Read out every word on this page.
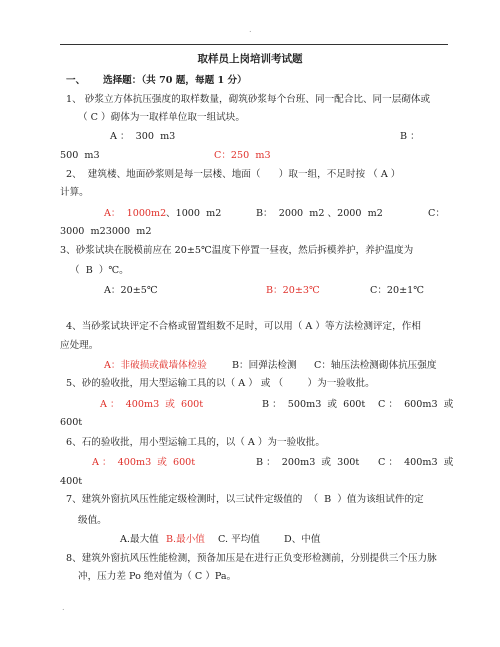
.
取样员上岗培训考试题
一、 选择题：（共 70 题，每题 1 分）
1、 砂浆立方体抗压强度的取样数量，砌筑砂浆每个台班、同一配合比、同一层砌体或
（ C ）砌体为一取样单位取一组试块。
A ：  300  m3	B ：
500  m3	C：250  m3
2、  建筑楼、地面砂浆则是每一层楼、地面（      ）取一组，不足时按 （ A ）
计算。
A：  1000m2 、1000  m2	B：  2000  m2 、2000  m2	C：
3000  m23000  m2
3、砂浆试块在脱模前应在 20±5℃温度下停置一昼夜，然后拆模养护，养护温度为
（  B  ）℃。
A：20±5℃	B：20±3℃	C：20±1℃
4、当砂浆试块评定不合格或留置组数不足时，可以用（ A ）等方法检测评定，作相
应处理。
A：非破损或截墙体检验	B：回弹法检测 C：轴压法检测砌体抗压强度
5、砂的验收批，用大型运输工具的以（ A ） 或 （        ）为一验收批。
A ：  400m3  或  600t	B ：  500m3  或  600t C ：  600m3  或
600t
6、石的验收批，用小型运输工具的，以（ A ）为一验收批。
A ：  400m3  或  600t	B ：  200m3  或  300t C ：  400m3  或
400t
7、建筑外窗抗风压性能定级检测时，以三试件定级值的  （  B  ）值为该组试件的定
级值。
A.最大值 B.最小值 C. 平均值	D、中值
8、建筑外窗抗风压性能检测，预备加压是在进行正负变形检测前，分别提供三个压力脉
冲，压力差 Po 绝对值为（ C ）Pa。
.
